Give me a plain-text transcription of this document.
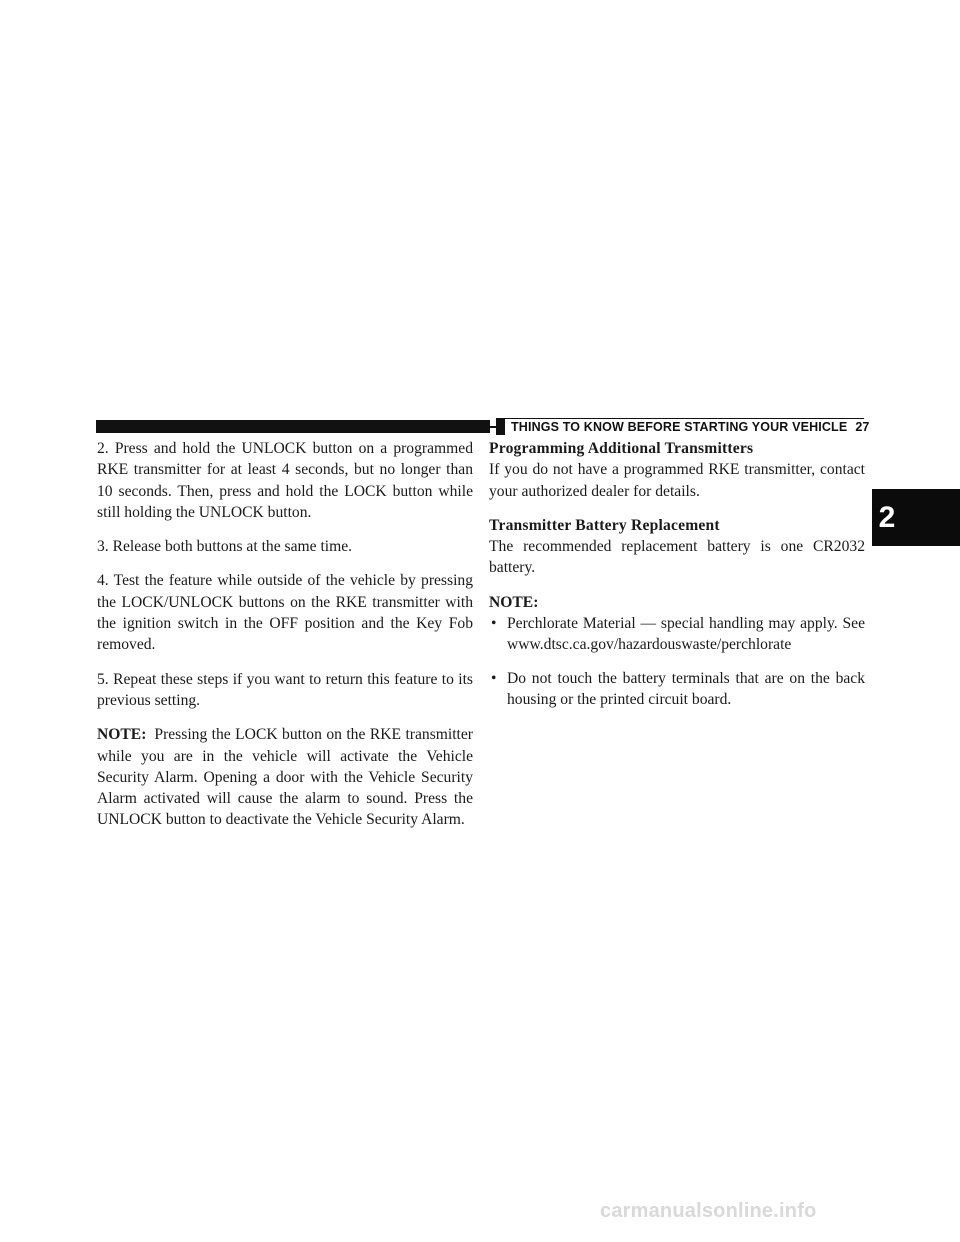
THINGS TO KNOW BEFORE STARTING YOUR VEHICLE 27
2

2. Press and hold the UNLOCK button on a programmed RKE transmitter for at least 4 seconds, but no longer than 10 seconds. Then, press and hold the LOCK button while still holding the UNLOCK button.

3. Release both buttons at the same time.

4. Test the feature while outside of the vehicle by pressing the LOCK/UNLOCK buttons on the RKE transmitter with the ignition switch in the OFF position and the Key Fob removed.

5. Repeat these steps if you want to return this feature to its previous setting.

NOTE: Pressing the LOCK button on the RKE transmitter while you are in the vehicle will activate the Vehicle Security Alarm. Opening a door with the Vehicle Security Alarm activated will cause the alarm to sound. Press the UNLOCK button to deactivate the Vehicle Security Alarm.

Programming Additional Transmitters

If you do not have a programmed RKE transmitter, contact your authorized dealer for details.

Transmitter Battery Replacement

The recommended replacement battery is one CR2032 battery.

NOTE:
• Perchlorate Material — special handling may apply. See www.dtsc.ca.gov/hazardouswaste/perchlorate
• Do not touch the battery terminals that are on the back housing or the printed circuit board.
carmanualsonline.info
